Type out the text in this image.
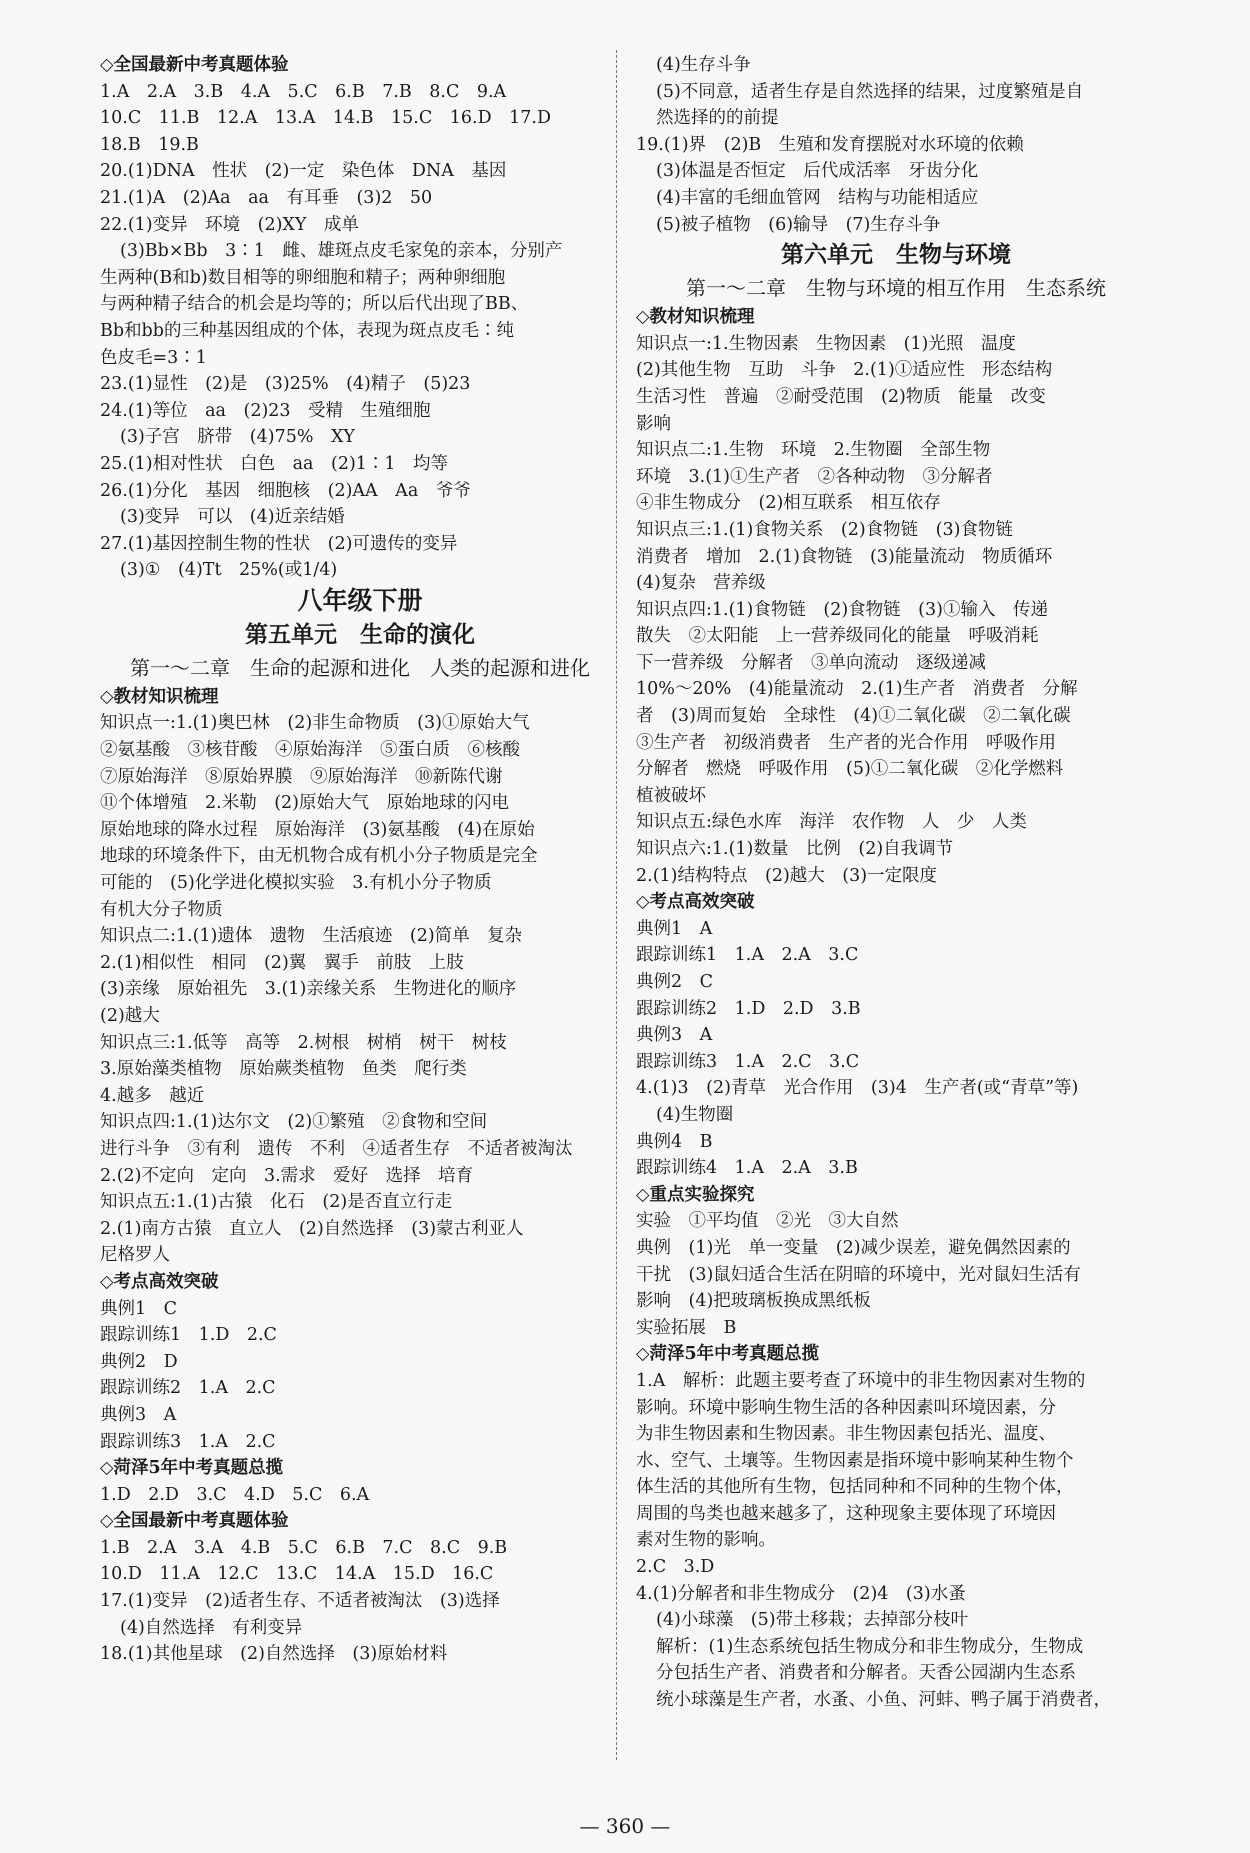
◇全国最新中考真题体验
1.A　2.A　3.B　4.A　5.C　6.B　7.B　8.C　9.A
10.C　11.B　12.A　13.A　14.B　15.C　16.D　17.D
18.B　19.B
20.(1)DNA　性状　(2)一定　染色体　DNA　基因
21.(1)A　(2)Aa　aa　有耳垂　(3)2　50
22.(1)变异　环境　(2)XY　成单
(3)Bb×Bb　3∶1　雌、雄斑点皮毛家兔的亲本，分别产
生两种(B和b)数目相等的卵细胞和精子；两种卵细胞
与两种精子结合的机会是均等的；所以后代出现了BB、
Bb和bb的三种基因组成的个体，表现为斑点皮毛∶纯
色皮毛=3∶1
23.(1)显性　(2)是　(3)25%　(4)精子　(5)23
24.(1)等位　aa　(2)23　受精　生殖细胞
(3)子宫　脐带　(4)75%　XY
25.(1)相对性状　白色　aa　(2)1∶1　均等
26.(1)分化　基因　细胞核　(2)AA　Aa　爷爷
(3)变异　可以　(4)近亲结婚
27.(1)基因控制生物的性状　(2)可遗传的变异
(3)①　(4)Tt　25%(或1/4)
八年级下册
第五单元　生命的演化
第一～二章　生命的起源和进化　人类的起源和进化
◇教材知识梳理
知识点一:1.(1)奥巴林　(2)非生命物质　(3)①原始大气
②氨基酸　③核苷酸　④原始海洋　⑤蛋白质　⑥核酸
⑦原始海洋　⑧原始界膜　⑨原始海洋　⑩新陈代谢
⑪个体增殖　2.米勒　(2)原始大气　原始地球的闪电
原始地球的降水过程　原始海洋　(3)氨基酸　(4)在原始
地球的环境条件下，由无机物合成有机小分子物质是完全
可能的　(5)化学进化模拟实验　3.有机小分子物质
有机大分子物质
知识点二:1.(1)遗体　遗物　生活痕迹　(2)简单　复杂
2.(1)相似性　相同　(2)翼　翼手　前肢　上肢
(3)亲缘　原始祖先　3.(1)亲缘关系　生物进化的顺序
(2)越大
知识点三:1.低等　高等　2.树根　树梢　树干　树枝
3.原始藻类植物　原始蕨类植物　鱼类　爬行类
4.越多　越近
知识点四:1.(1)达尔文　(2)①繁殖　②食物和空间
进行斗争　③有利　遗传　不利　④适者生存　不适者被淘汰
2.(2)不定向　定向　3.需求　爱好　选择　培育
知识点五:1.(1)古猿　化石　(2)是否直立行走
2.(1)南方古猿　直立人　(2)自然选择　(3)蒙古利亚人
尼格罗人
◇考点高效突破
典例1　C
跟踪训练1　1.D　2.C
典例2　D
跟踪训练2　1.A　2.C
典例3　A
跟踪训练3　1.A　2.C
◇菏泽5年中考真题总揽
1.D　2.D　3.C　4.D　5.C　6.A
◇全国最新中考真题体验
1.B　2.A　3.A　4.B　5.C　6.B　7.C　8.C　9.B
10.D　11.A　12.C　13.C　14.A　15.D　16.C
17.(1)变异　(2)适者生存、不适者被淘汰　(3)选择
(4)自然选择　有利变异
18.(1)其他星球　(2)自然选择　(3)原始材料
(4)生存斗争
(5)不同意，适者生存是自然选择的结果，过度繁殖是自
然选择的的前提
19.(1)界　(2)B　生殖和发育摆脱对水环境的依赖
(3)体温是否恒定　后代成活率　牙齿分化
(4)丰富的毛细血管网　结构与功能相适应
(5)被子植物　(6)输导　(7)生存斗争
第六单元　生物与环境
第一～二章　生物与环境的相互作用　生态系统
◇教材知识梳理
知识点一:1.生物因素　生物因素　(1)光照　温度
(2)其他生物　互助　斗争　2.(1)①适应性　形态结构
生活习性　普遍　②耐受范围　(2)物质　能量　改变
影响
知识点二:1.生物　环境　2.生物圈　全部生物
环境　3.(1)①生产者　②各种动物　③分解者
④非生物成分　(2)相互联系　相互依存
知识点三:1.(1)食物关系　(2)食物链　(3)食物链
消费者　增加　2.(1)食物链　(3)能量流动　物质循环
(4)复杂　营养级
知识点四:1.(1)食物链　(2)食物链　(3)①输入　传递
散失　②太阳能　上一营养级同化的能量　呼吸消耗
下一营养级　分解者　③单向流动　逐级递减
10%～20%　(4)能量流动　2.(1)生产者　消费者　分解
者　(3)周而复始　全球性　(4)①二氧化碳　②二氧化碳
③生产者　初级消费者　生产者的光合作用　呼吸作用
分解者　燃烧　呼吸作用　(5)①二氧化碳　②化学燃料
植被破坏
知识点五:绿色水库　海洋　农作物　人　少　人类
知识点六:1.(1)数量　比例　(2)自我调节
2.(1)结构特点　(2)越大　(3)一定限度
◇考点高效突破
典例1　A
跟踪训练1　1.A　2.A　3.C
典例2　C
跟踪训练2　1.D　2.D　3.B
典例3　A
跟踪训练3　1.A　2.C　3.C
4.(1)3　(2)青草　光合作用　(3)4　生产者(或“青草”等)
(4)生物圈
典例4　B
跟踪训练4　1.A　2.A　3.B
◇重点实验探究
实验　①平均值　②光　③大自然
典例　(1)光　单一变量　(2)减少误差，避免偶然因素的
干扰　(3)鼠妇适合生活在阴暗的环境中，光对鼠妇生活有
影响　(4)把玻璃板换成黑纸板
实验拓展　B
◇菏泽5年中考真题总揽
1.A　解析：此题主要考查了环境中的非生物因素对生物的
影响。环境中影响生物生活的各种因素叫环境因素，分
为非生物因素和生物因素。非生物因素包括光、温度、
水、空气、土壤等。生物因素是指环境中影响某种生物个
体生活的其他所有生物，包括同种和不同种的生物个体，
周围的鸟类也越来越多了，这种现象主要体现了环境因
素对生物的影响。
2.C　3.D
4.(1)分解者和非生物成分　(2)4　(3)水蚤
(4)小球藻　(5)带土移栽；去掉部分枝叶
解析：(1)生态系统包括生物成分和非生物成分，生物成
分包括生产者、消费者和分解者。天香公园湖内生态系
统小球藻是生产者，水蚤、小鱼、河蚌、鸭子属于消费者，
— 360 —
